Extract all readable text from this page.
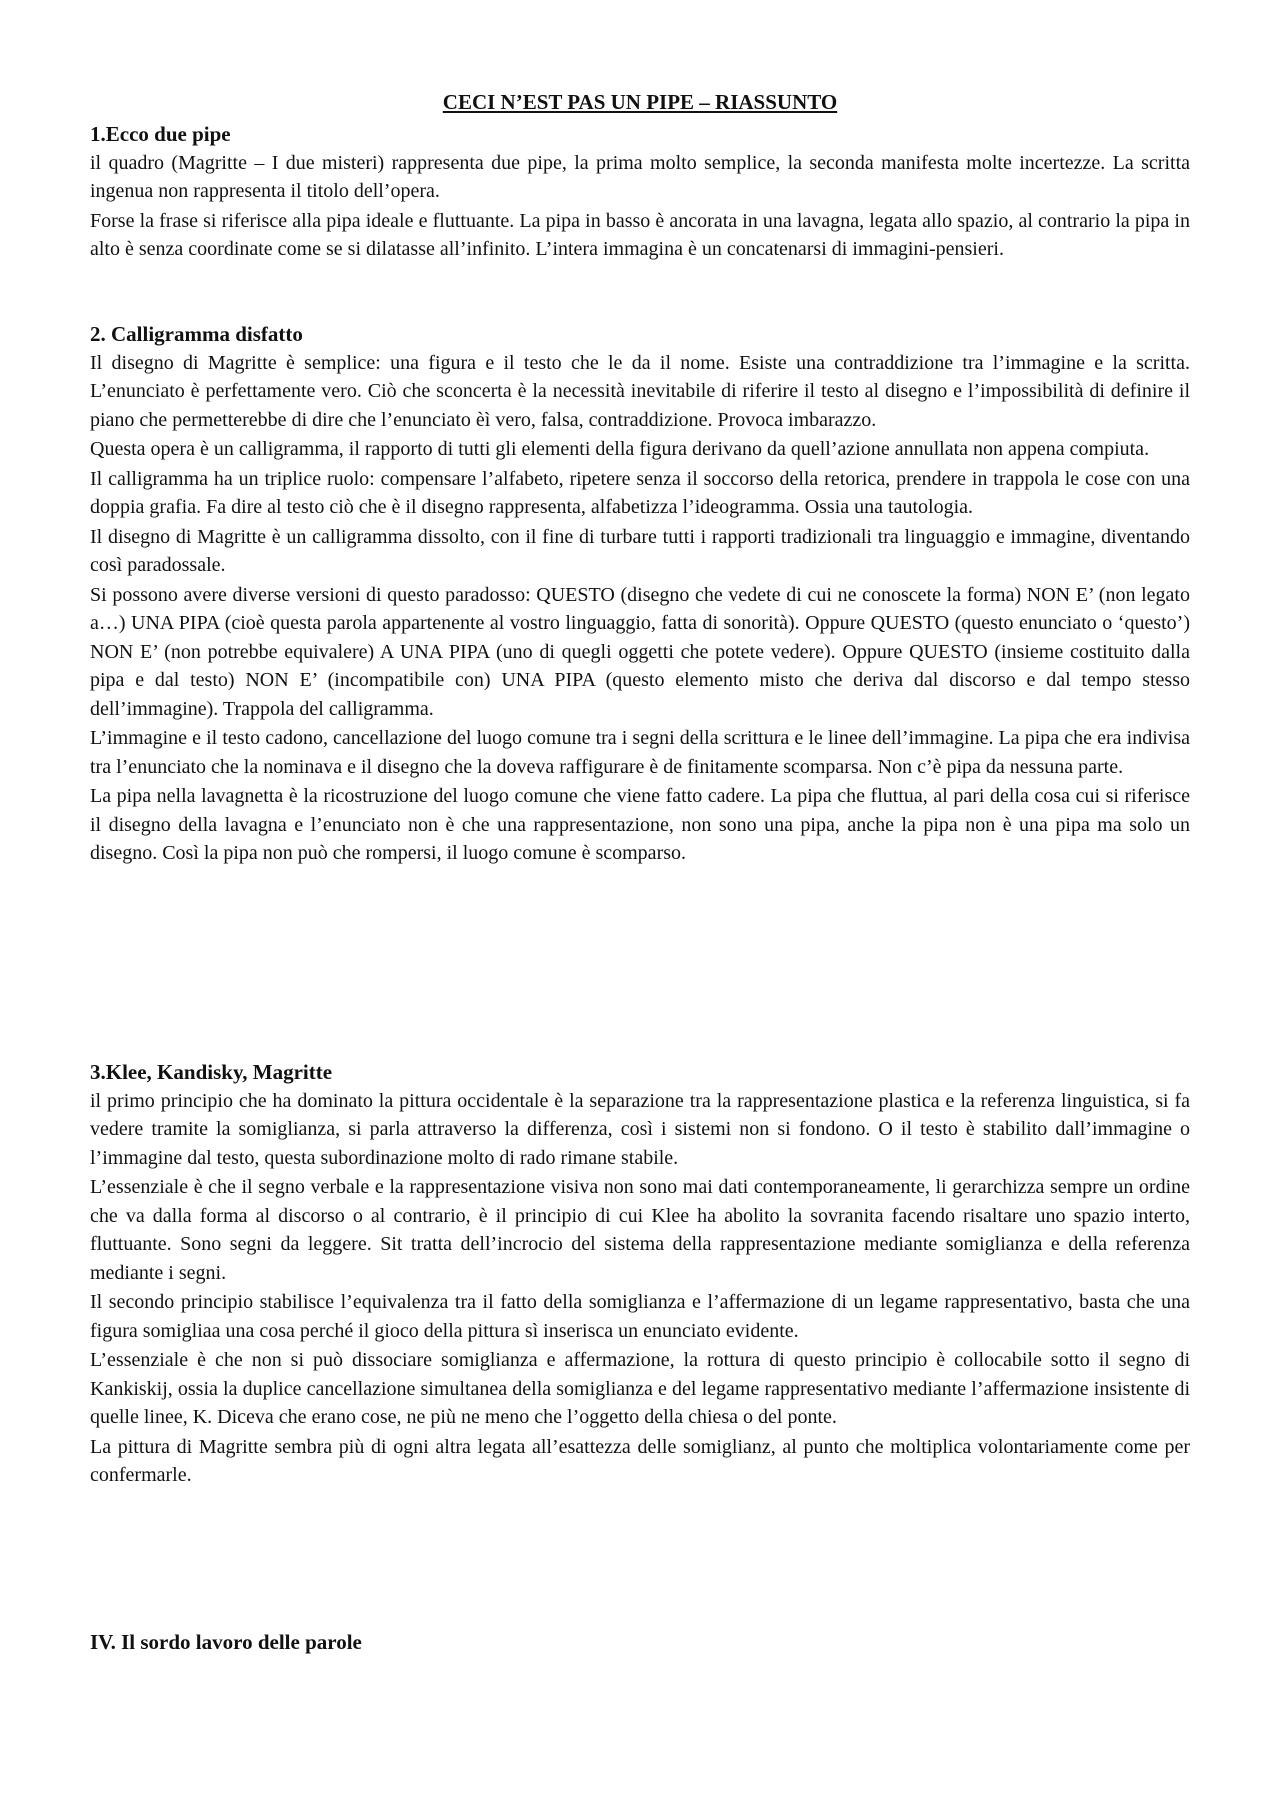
CECI N’EST PAS UN PIPE – RIASSUNTO
1.Ecco due pipe

il quadro (Magritte – I due misteri) rappresenta due pipe, la prima molto semplice, la seconda manifesta molte incertezze. La scritta ingenua non rappresenta il titolo dell’opera.

Forse la frase si riferisce alla pipa ideale e fluttuante. La pipa in basso è ancorata in una lavagna, legata allo spazio, al contrario la pipa in alto è senza coordinate come se si dilatasse all’infinito. L’intera immagina è un concatenarsi di immagini-pensieri.

2. Calligramma disfatto

Il disegno di Magritte è semplice: una figura e il testo che le da il nome. Esiste una contraddizione tra l’immagine e la scritta. L’enunciato è perfettamente vero. Ciò che sconcerta è la necessità inevitabile di riferire il testo al disegno e l’impossibilità di definire il piano che permetterebbe di dire che l’enunciato èì vero, falsa, contraddizione. Provoca imbarazzo.

Questa opera è un calligramma, il rapporto di tutti gli elementi della figura derivano da quell’azione annullata non appena compiuta.

Il calligramma ha un triplice ruolo: compensare l’alfabeto, ripetere senza il soccorso della retorica, prendere in trappola le cose con una doppia grafia. Fa dire al testo ciò che è il disegno rappresenta, alfabetizza l’ideogramma. Ossia una tautologia.

Il disegno di Magritte è un calligramma dissolto, con il fine di turbare tutti i rapporti tradizionali tra linguaggio e immagine, diventando così paradossale.

Si possono avere diverse versioni di questo paradosso: QUESTO (disegno che vedete di cui ne conoscete la forma) NON E’ (non legato a…) UNA PIPA (cioè questa parola appartenente al vostro linguaggio, fatta di sonorità). Oppure QUESTO (questo enunciato o ‘questo’) NON E’ (non potrebbe equivalere) A UNA PIPA (uno di quegli oggetti che potete vedere). Oppure QUESTO (insieme costituito dalla pipa e dal testo) NON E’ (incompatibile con) UNA PIPA (questo elemento misto che deriva dal discorso e dal tempo stesso dell’immagine). Trappola del calligramma.

L’immagine e il testo cadono, cancellazione del luogo comune tra i segni della scrittura e le linee dell’immagine. La pipa che era indivisa tra l’enunciato che la nominava e il disegno che la doveva raffigurare è de finitamente scomparsa. Non c’è pipa da nessuna parte.

La pipa nella lavagnetta è la ricostruzione del luogo comune che viene fatto cadere. La pipa che fluttua, al pari della cosa cui si riferisce il disegno della lavagna e l’enunciato non è che una rappresentazione, non sono una pipa, anche la pipa non è una pipa ma solo un disegno. Così la pipa non può che rompersi, il luogo comune è scomparso.

3.Klee, Kandisky, Magritte

il primo principio che ha dominato la pittura occidentale è la separazione tra la rappresentazione plastica e la referenza linguistica, si fa vedere tramite la somiglianza, si parla attraverso la differenza, così i sistemi non si fondono. O il testo è stabilito dall’immagine o l’immagine dal testo, questa subordinazione molto di rado rimane stabile.

L’essenziale è che il segno verbale e la rappresentazione visiva non sono mai dati contemporaneamente, li gerarchizza sempre un ordine che va dalla forma al discorso o al contrario, è il principio di cui Klee ha abolito la sovranita facendo risaltare uno spazio interto, fluttuante. Sono segni da leggere. Sit tratta dell’incrocio del sistema della rappresentazione mediante somiglianza e della referenza mediante i segni.

Il secondo principio stabilisce l’equivalenza tra il fatto della somiglianza e l’affermazione di un legame rappresentativo, basta che una figura somigliaa una cosa perché il gioco della pittura sì inserisca un enunciato evidente.

L’essenziale è che non si può dissociare somiglianza e affermazione, la rottura di questo principio è collocabile sotto il segno di Kankiskij, ossia la duplice cancellazione simultanea della somiglianza e del legame rappresentativo mediante l’affermazione insistente di quelle linee, K. Diceva che erano cose, ne più ne meno che l’oggetto della chiesa o del ponte.

La pittura di Magritte sembra più di ogni altra legata all’esattezza delle somiglianz, al punto che moltiplica volontariamente come per confermarle.

IV. Il sordo lavoro delle parole
